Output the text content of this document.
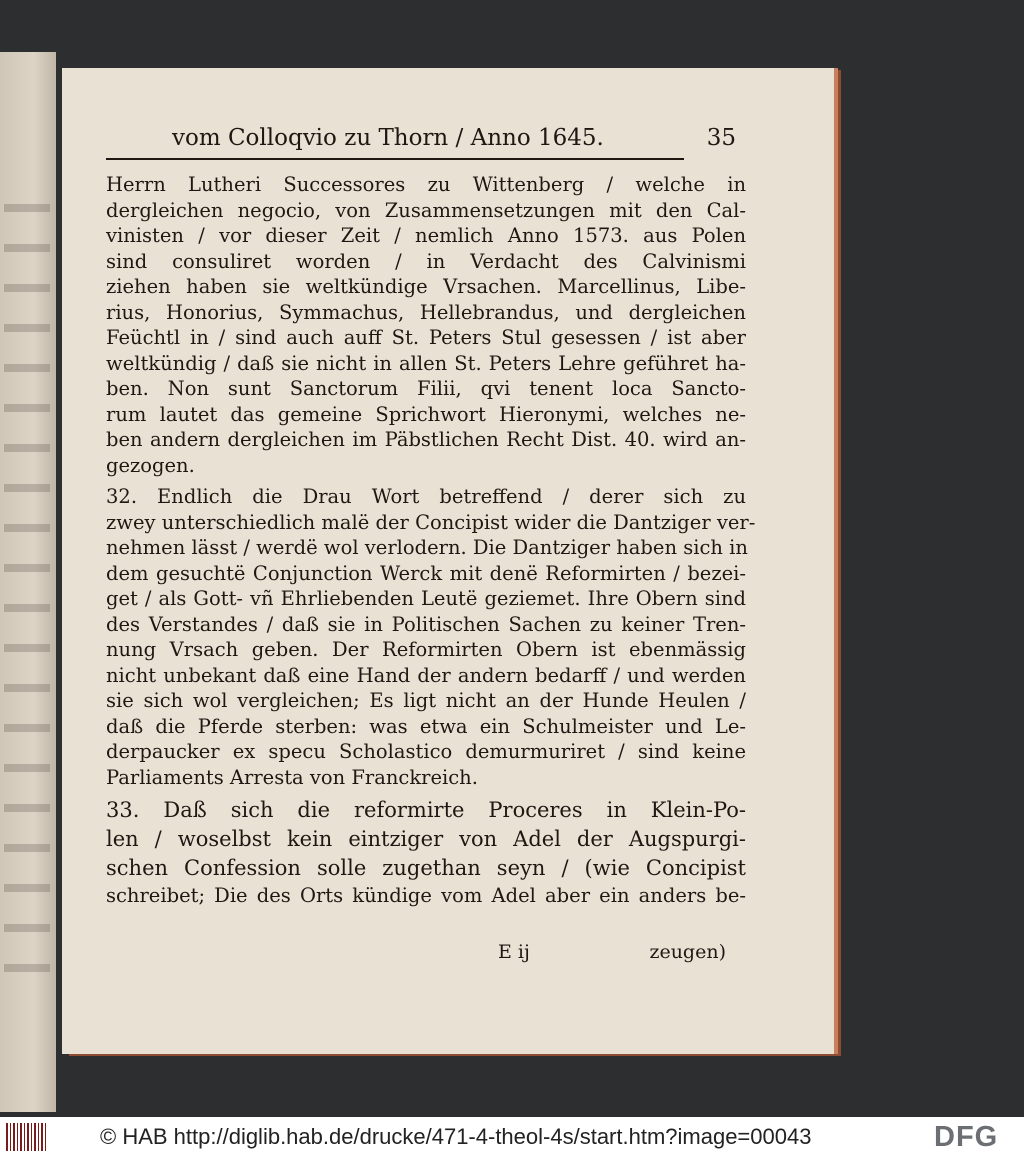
vom Colloqvio zu Thorn / Anno 1645.	35
Herrn Lutheri Successores zu Wittenberg / welche in
dergleichen negocio, von Zusammensetzungen mit den Cal-
vinisten / vor dieser Zeit / nemlich Anno 1573. aus Polen
sind consuliret worden / in Verdacht des Calvinismi
ziehen haben sie weltkündige Vrsachen. Marcellinus, Libe-
rius, Honorius, Symmachus, Hellebrandus, und dergleichen
Feüchtl in / sind auch auff St. Peters Stul gesessen / ist aber
weltkündig / daß sie nicht in allen St. Peters Lehre geführet ha-
ben. Non sunt Sanctorum Filii, qvi tenent loca Sancto-
rum lautet das gemeine Sprichwort Hieronymi, welches ne-
ben andern dergleichen im Päbstlichen Recht Dist. 40. wird an-
gezogen.
32. Endlich die Drau Wort betreffend / derer sich zu
zwey unterschiedlich malë der Concipist wider die Dantziger ver-
nehmen lässt / werdë wol verlodern. Die Dantziger haben sich in
dem gesuchtë Conjunction Werck mit denë Reformirten / bezei-
get / als Gott- vñ Ehrliebenden Leutë geziemet. Ihre Obern sind
des Verstandes / daß sie in Politischen Sachen zu keiner Tren-
nung Vrsach geben. Der Reformirten Obern ist ebenmässig
nicht unbekant daß eine Hand der andern bedarff / und werden
sie sich wol vergleichen; Es ligt nicht an der Hunde Heulen /
daß die Pferde sterben: was etwa ein Schulmeister und Le-
derpaucker ex specu Scholastico demurmuriret / sind keine
Parliaments Arresta von Franckreich.
33. Daß sich die reformirte Proceres in Klein-Po-
len / woselbst kein eintziger von Adel der Augspurgi-
schen Confession solle zugethan seyn / (wie Concipist
schreibet; Die des Orts kündige vom Adel aber ein anders be-
E ij	zeugen)
© HAB http://diglib.hab.de/drucke/471-4-theol-4s/start.htm?image=00043	DFG
